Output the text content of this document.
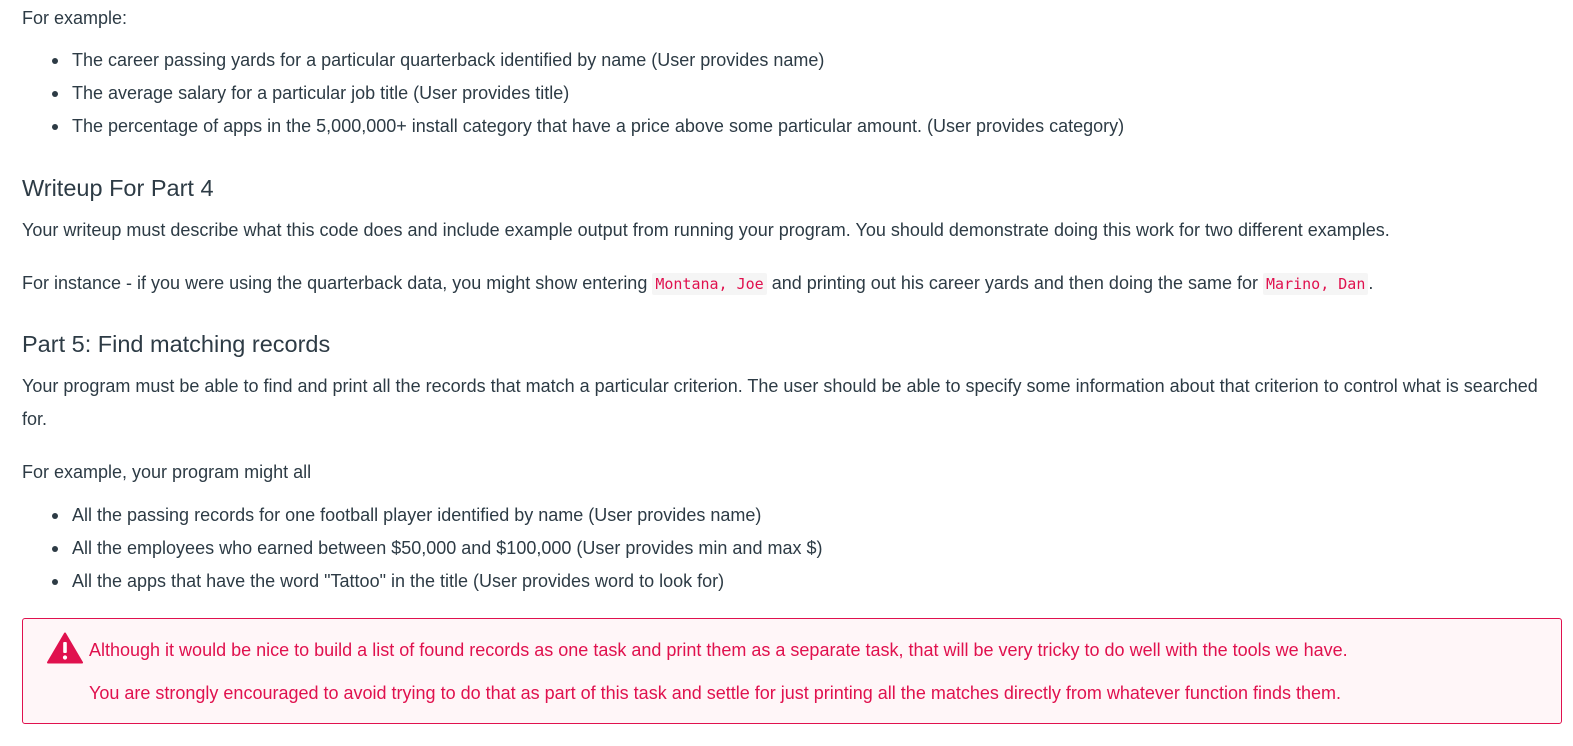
For example:

The career passing yards for a particular quarterback identified by name (User provides name)
The average salary for a particular job title (User provides title)
The percentage of apps in the 5,000,000+ install category that have a price above some particular amount. (User provides category)
Writeup For Part 4

Your writeup must describe what this code does and include example output from running your program. You should demonstrate doing this work for two different examples.

For instance - if you were using the quarterback data, you might show entering Montana, Joe and printing out his career yards and then doing the same for Marino, Dan .

Part 5: Find matching records

Your program must be able to find and print all the records that match a particular criterion. The user should be able to specify some information about that criterion to control what is searched for.

For example, your program might all

All the passing records for one football player identified by name (User provides name)
All the employees who earned between $50,000 and $100,000 (User provides min and max $)
All the apps that have the word "Tattoo" in the title (User provides word to look for)
Although it would be nice to build a list of found records as one task and print them as a separate task, that will be very tricky to do well with the tools we have.
You are strongly encouraged to avoid trying to do that as part of this task and settle for just printing all the matches directly from whatever function finds them.
